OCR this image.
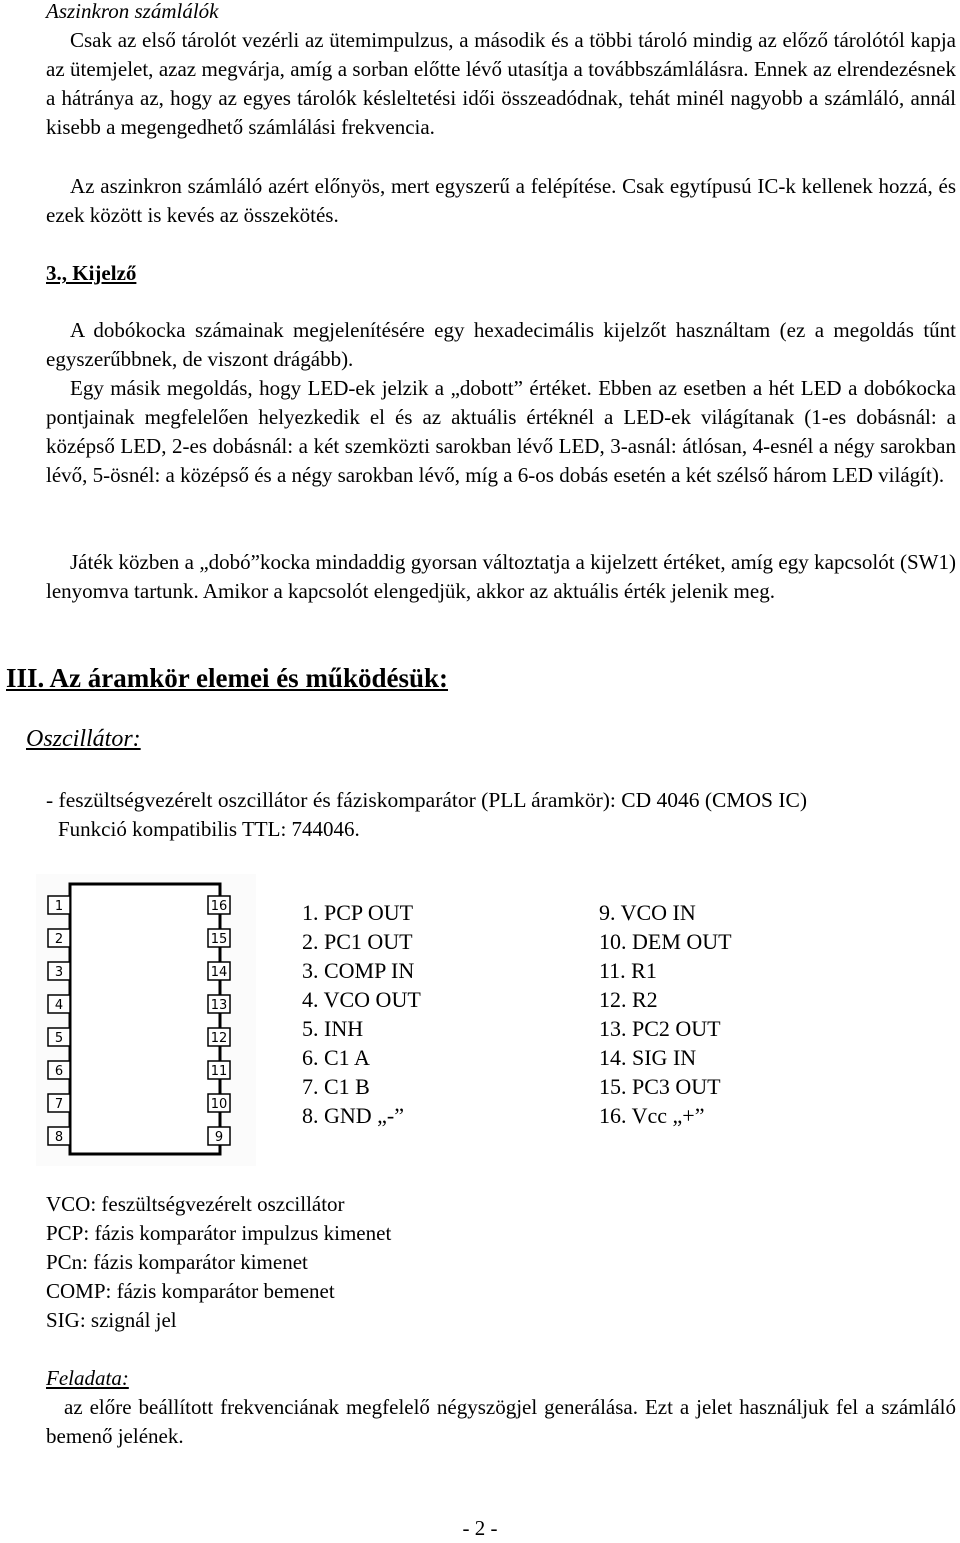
Aszinkron számlálók

Csak az első tárolót vezérli az ütemimpulzus, a második és a többi tároló mindig az előző tárolótól kapja az ütemjelet, azaz megvárja, amíg a sorban előtte lévő utasítja a továbbszámlálásra. Ennek az elrendezésnek a hátránya az, hogy az egyes tárolók késleltetési idői összeadódnak, tehát minél nagyobb a számláló, annál kisebb a megengedhető számlálási frekvencia.

Az aszinkron számláló azért előnyös, mert egyszerű a felépítése. Csak egytípusú IC-k kellenek hozzá, és ezek között is kevés az összekötés.

3., Kijelző

A dobókocka számainak megjelenítésére egy hexadecimális kijelzőt használtam (ez a megoldás tűnt egyszerűbbnek, de viszont drágább).

Egy másik megoldás, hogy LED-ek jelzik a „dobott” értéket. Ebben az esetben a hét LED a dobókocka pontjainak megfelelően helyezkedik el és az aktuális értéknél a LED-ek világítanak (1-es dobásnál: a középső LED, 2-es dobásnál: a két szemközti sarokban lévő LED, 3-asnál: átlósan, 4-esnél a négy sarokban lévő, 5-ösnél: a középső és a négy sarokban lévő, míg a 6-os dobás esetén a két szélső három LED világít).

Játék közben a „dobó”kocka mindaddig gyorsan változtatja a kijelzett értéket, amíg egy kapcsolót (SW1) lenyomva tartunk. Amikor a kapcsolót elengedjük, akkor az aktuális érték jelenik meg.

III. Az áramkör elemei és működésük:

Oszcillátor:

- feszültségvezérelt oszcillátor és fáziskomparátor (PLL áramkör): CD 4046 (CMOS IC)

Funkció kompatibilis TTL: 744046.

1
2
3
4
5
6
7
8
16
15
14
13
12
11
10
9
1. PCP OUT
2. PC1 OUT
3. COMP IN
4. VCO OUT
5. INH
6. C1 A
7. C1 B
8. GND „-”
9. VCO IN
10. DEM OUT
11. R1
12. R2
13. PC2 OUT
14. SIG IN
15. PC3 OUT
16. Vcc „+”
VCO: feszültségvezérelt oszcillátor
PCP: fázis komparátor impulzus kimenet
PCn: fázis komparátor kimenet
COMP: fázis komparátor bemenet
SIG: szignál jel

Feladata:

az előre beállított frekvenciának megfelelő négyszögjel generálása. Ezt a jelet használjuk fel a számláló bemenő jelének.

- 2 -
